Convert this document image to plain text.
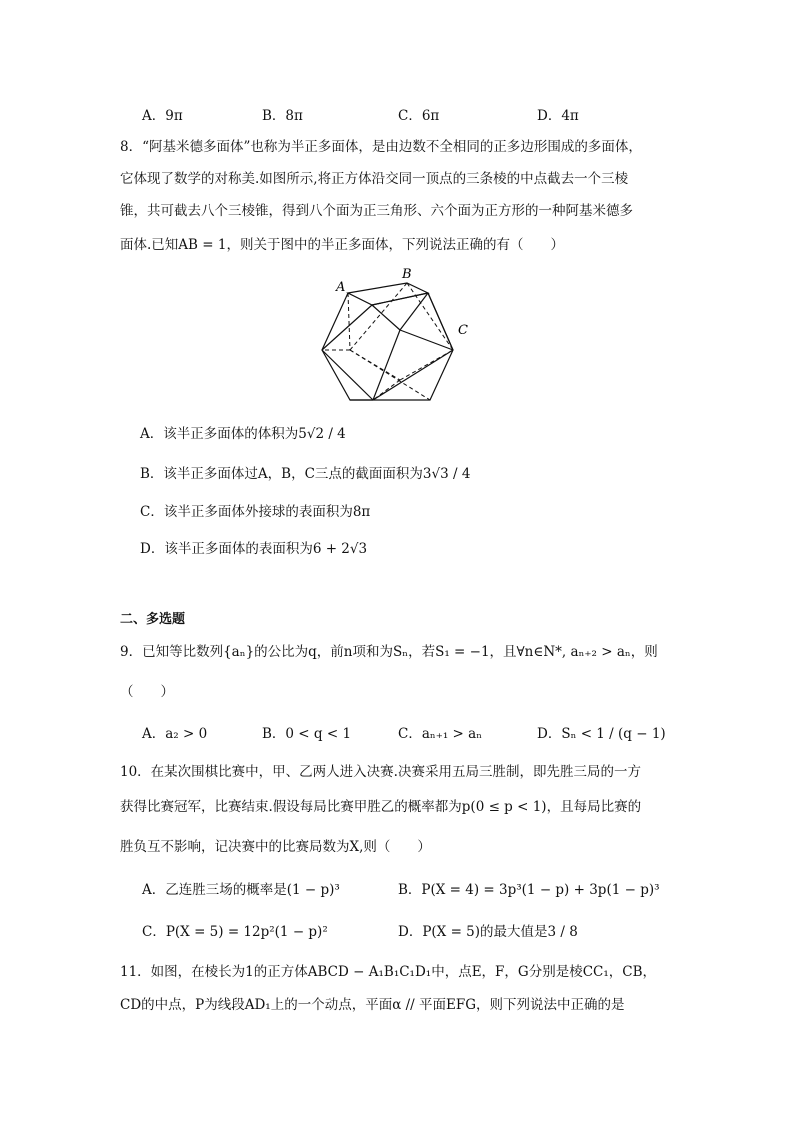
A．9π	B．8π	C．6π	D．4π
8．“阿基米德多面体”也称为半正多面体，是由边数不全相同的正多边形围成的多面体，
它体现了数学的对称美.如图所示,将正方体沿交同一顶点的三条棱的中点截去一个三棱
锥，共可截去八个三棱锥，得到八个面为正三角形、六个面为正方形的一种阿基米德多
面体.已知AB = 1，则关于图中的半正多面体，下列说法正确的有（　　）
A
B
C
A．该半正多面体的体积为5√2 / 4
B．该半正多面体过A，B，C三点的截面面积为3√3 / 4
C．该半正多面体外接球的表面积为8π
D．该半正多面体的表面积为6 + 2√3
二、多选题
9．已知等比数列{aₙ}的公比为q，前n项和为Sₙ，若S₁ = −1，且∀n∈N*, aₙ₊₂ > aₙ，则
（　　）
A．a₂ > 0	B．0 < q < 1	C．aₙ₊₁ > aₙ	D．Sₙ < 1 / (q − 1)
10．在某次围棋比赛中，甲、乙两人进入决赛.决赛采用五局三胜制，即先胜三局的一方
获得比赛冠军，比赛结束.假设每局比赛甲胜乙的概率都为p(0 ≤ p < 1)，且每局比赛的
胜负互不影响，记决赛中的比赛局数为X,则（　　）
A．乙连胜三场的概率是(1 − p)³	B．P(X = 4) = 3p³(1 − p) + 3p(1 − p)³
C．P(X = 5) = 12p²(1 − p)²	D．P(X = 5)的最大值是3 / 8
11．如图，在棱长为1的正方体ABCD − A₁B₁C₁D₁中，点E，F，G分别是棱CC₁，CB，
CD的中点，P为线段AD₁上的一个动点，平面α // 平面EFG，则下列说法中正确的是
